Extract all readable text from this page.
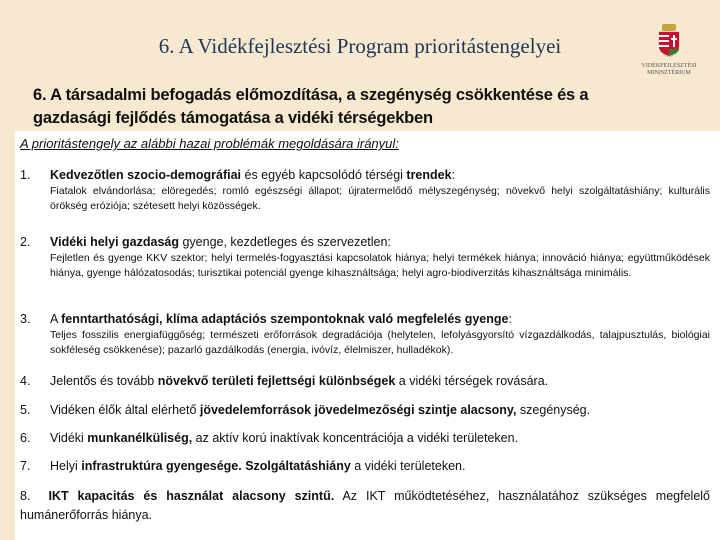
6. A Vidékfejlesztési Program prioritástengelyei
VIDÉKFEJLESZTÉSI
MINISZTÉRIUM
6. A társadalmi befogadás előmozdítása, a szegénység csökkentése és a
gazdasági fejlődés támogatása a vidéki térségekben
A prioritástengely az alábbi hazai problémák megoldására irányul:
1. Kedvezőtlen szocio-demográfiai és egyéb kapcsolódó térségi trendek:
Fiatalok elvándorlása; elöregedés; romló egészségi állapot; újratermelődő mélyszegénység; növekvő helyi szolgáltatáshiány; kulturális örökség eróziója; szétesett helyi közösségek.
2. Vidéki helyi gazdaság gyenge, kezdetleges és szervezetlen:
Fejletlen és gyenge KKV szektor; helyi termelés-fogyasztási kapcsolatok hiánya; helyi termékek hiánya; innováció hiánya; együttműködések hiánya, gyenge hálózatosodás; turisztikai potenciál gyenge kihasználtsága; helyi agro-biodiverzitás kihasználtsága minimális.
3. A fenntarthatósági, klíma adaptációs szempontoknak való megfelelés gyenge:
Teljes fosszilis energiafüggőség; természeti erőforrások degradációja (helytelen, lefolyásgyorsító vízgazdálkodás, talajpusztulás, biológiai sokféleség csökkenése); pazarló gazdálkodás (energia, ivóvíz, élelmiszer, hulladékok).
4. Jelentős és tovább növekvő területi fejlettségi különbségek a vidéki térségek rovására.
5. Vidéken élők által elérhető jövedelemforrások jövedelmezőségi szintje alacsony, szegénység.
6. Vidéki munkanélküliség, az aktív korú inaktívak koncentrációja a vidéki területeken.
7. Helyi infrastruktúra gyengesége. Szolgáltatáshiány a vidéki területeken.
8. IKT kapacitás és használat alacsony szintű. Az IKT működtetéséhez, használatához szükséges megfelelő humánerőforrás hiánya.
